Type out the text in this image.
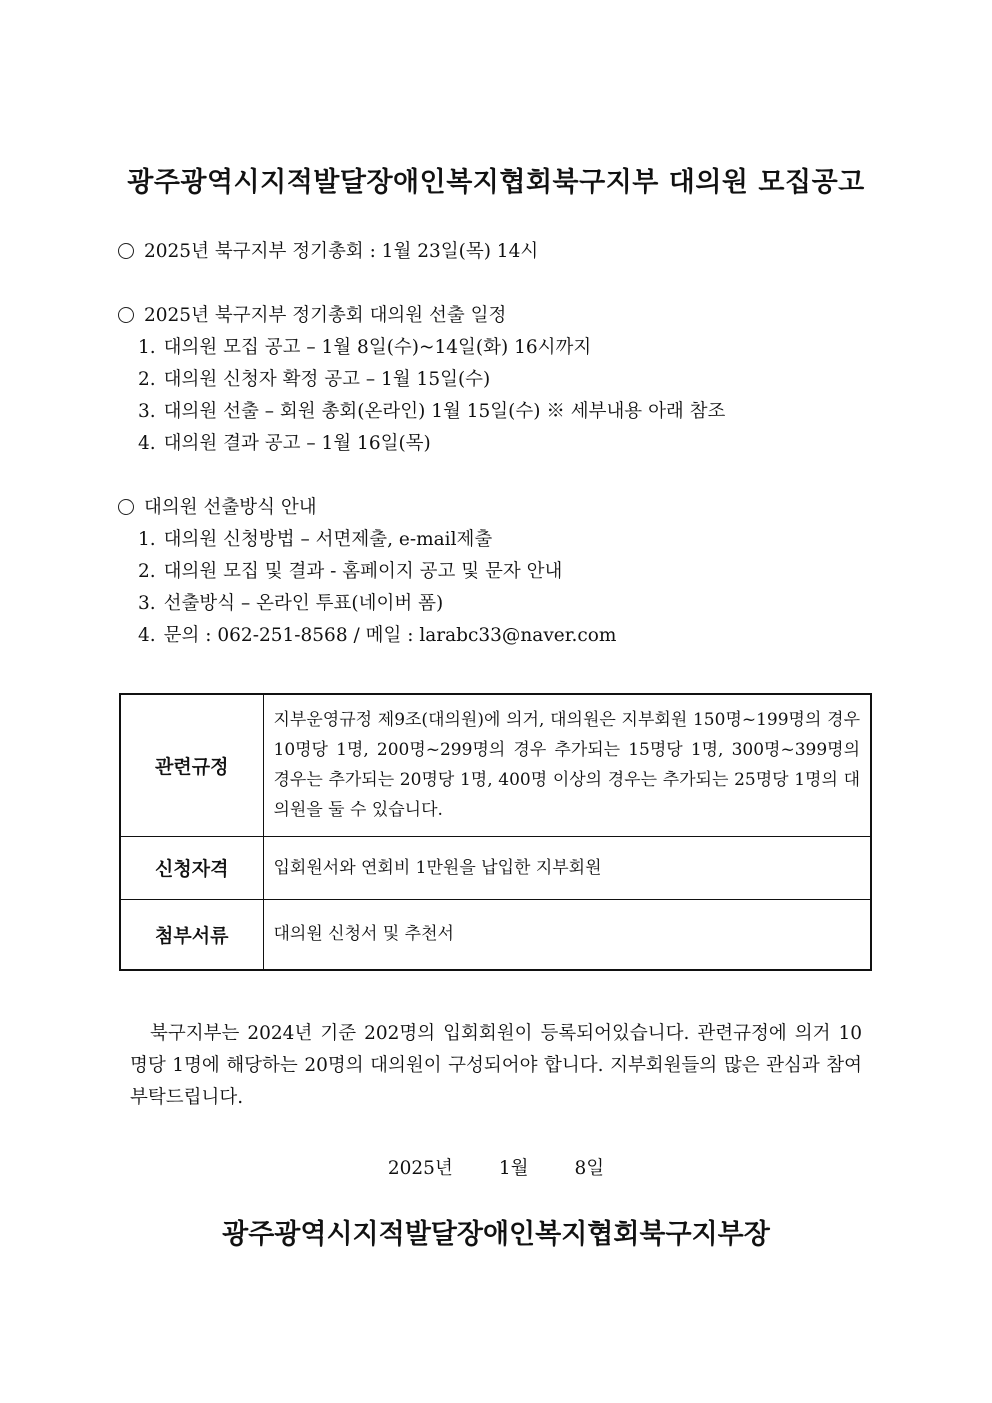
광주광역시지적발달장애인복지협회북구지부 대의원 모집공고
2025년 북구지부 정기총회 : 1월 23일(목) 14시
2025년 북구지부 정기총회 대의원 선출 일정
1. 대의원 모집 공고 – 1월 8일(수)~14일(화) 16시까지
2. 대의원 신청자 확정 공고 – 1월 15일(수)
3. 대의원 선출 – 회원 총회(온라인) 1월 15일(수) ※ 세부내용 아래 참조
4. 대의원 결과 공고 – 1월 16일(목)
대의원 선출방식 안내
1. 대의원 신청방법 – 서면제출, e-mail제출
2. 대의원 모집 및 결과 - 홈페이지 공고 및 문자 안내
3. 선출방식 – 온라인 투표(네이버 폼)
4. 문의 : 062-251-8568 / 메일 : larabc33@naver.com
관련규정	지부운영규정 제9조(대의원)에 의거, 대의원은 지부회원 150명~199명의 경우 10명당 1명, 200명~299명의 경우 추가되는 15명당 1명, 300명~399명의 경우는 추가되는 20명당 1명, 400명 이상의 경우는 추가되는 25명당 1명의 대의원을 둘 수 있습니다.
신청자격	입회원서와 연회비 1만원을 납입한 지부회원
첨부서류	대의원 신청서 및 추천서
북구지부는 2024년 기준 202명의 입회회원이 등록되어있습니다. 관련규정에 의거 10명당 1명에 해당하는 20명의 대의원이 구성되어야 합니다. 지부회원들의 많은 관심과 참여 부탁드립니다.
2025년 1월 8일
광주광역시지적발달장애인복지협회북구지부장
